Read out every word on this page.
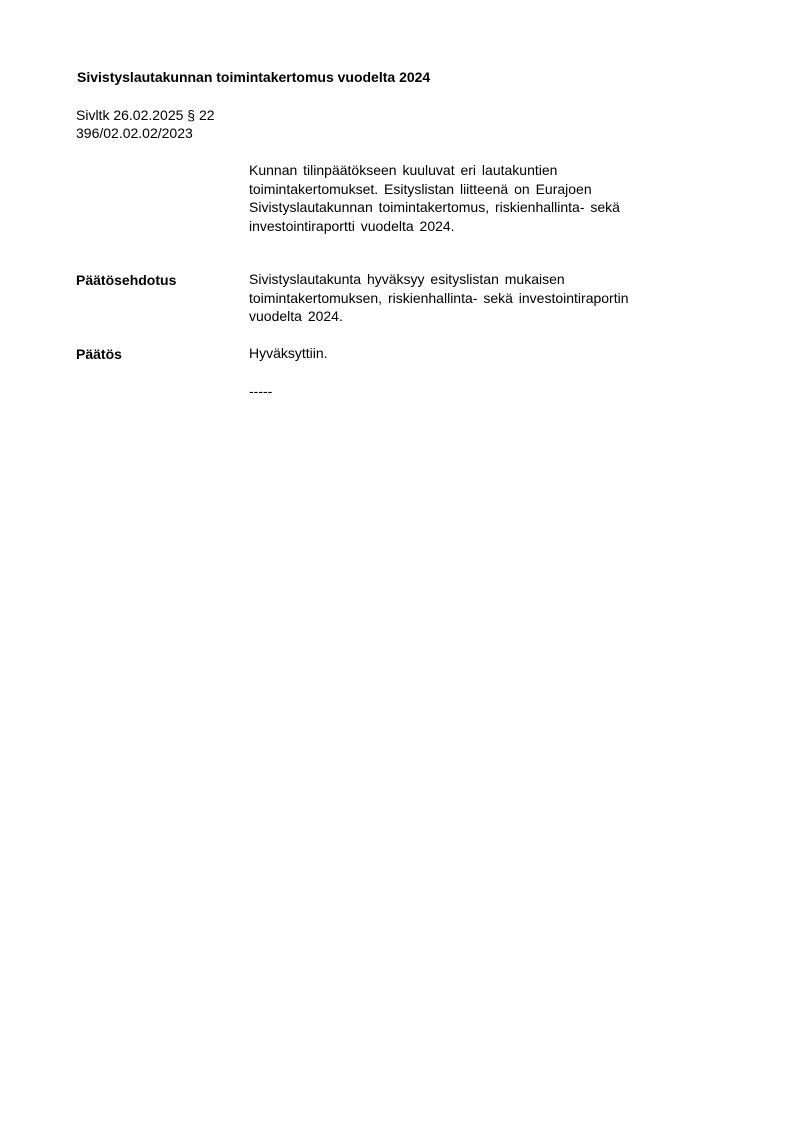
Sivistyslautakunnan toimintakertomus vuodelta 2024
Sivltk 26.02.2025 § 22
396/02.02.02/2023
Kunnan tilinpäätökseen kuuluvat eri lautakuntien
toimintakertomukset. Esityslistan liitteenä on Eurajoen
Sivistyslautakunnan toimintakertomus, riskienhallinta- sekä
investointiraportti vuodelta 2024.
Päätösehdotus	Sivistyslautakunta hyväksyy esityslistan mukaisen
toimintakertomuksen, riskienhallinta- sekä investointiraportin
vuodelta 2024.
Päätös	Hyväksyttiin.
-----
